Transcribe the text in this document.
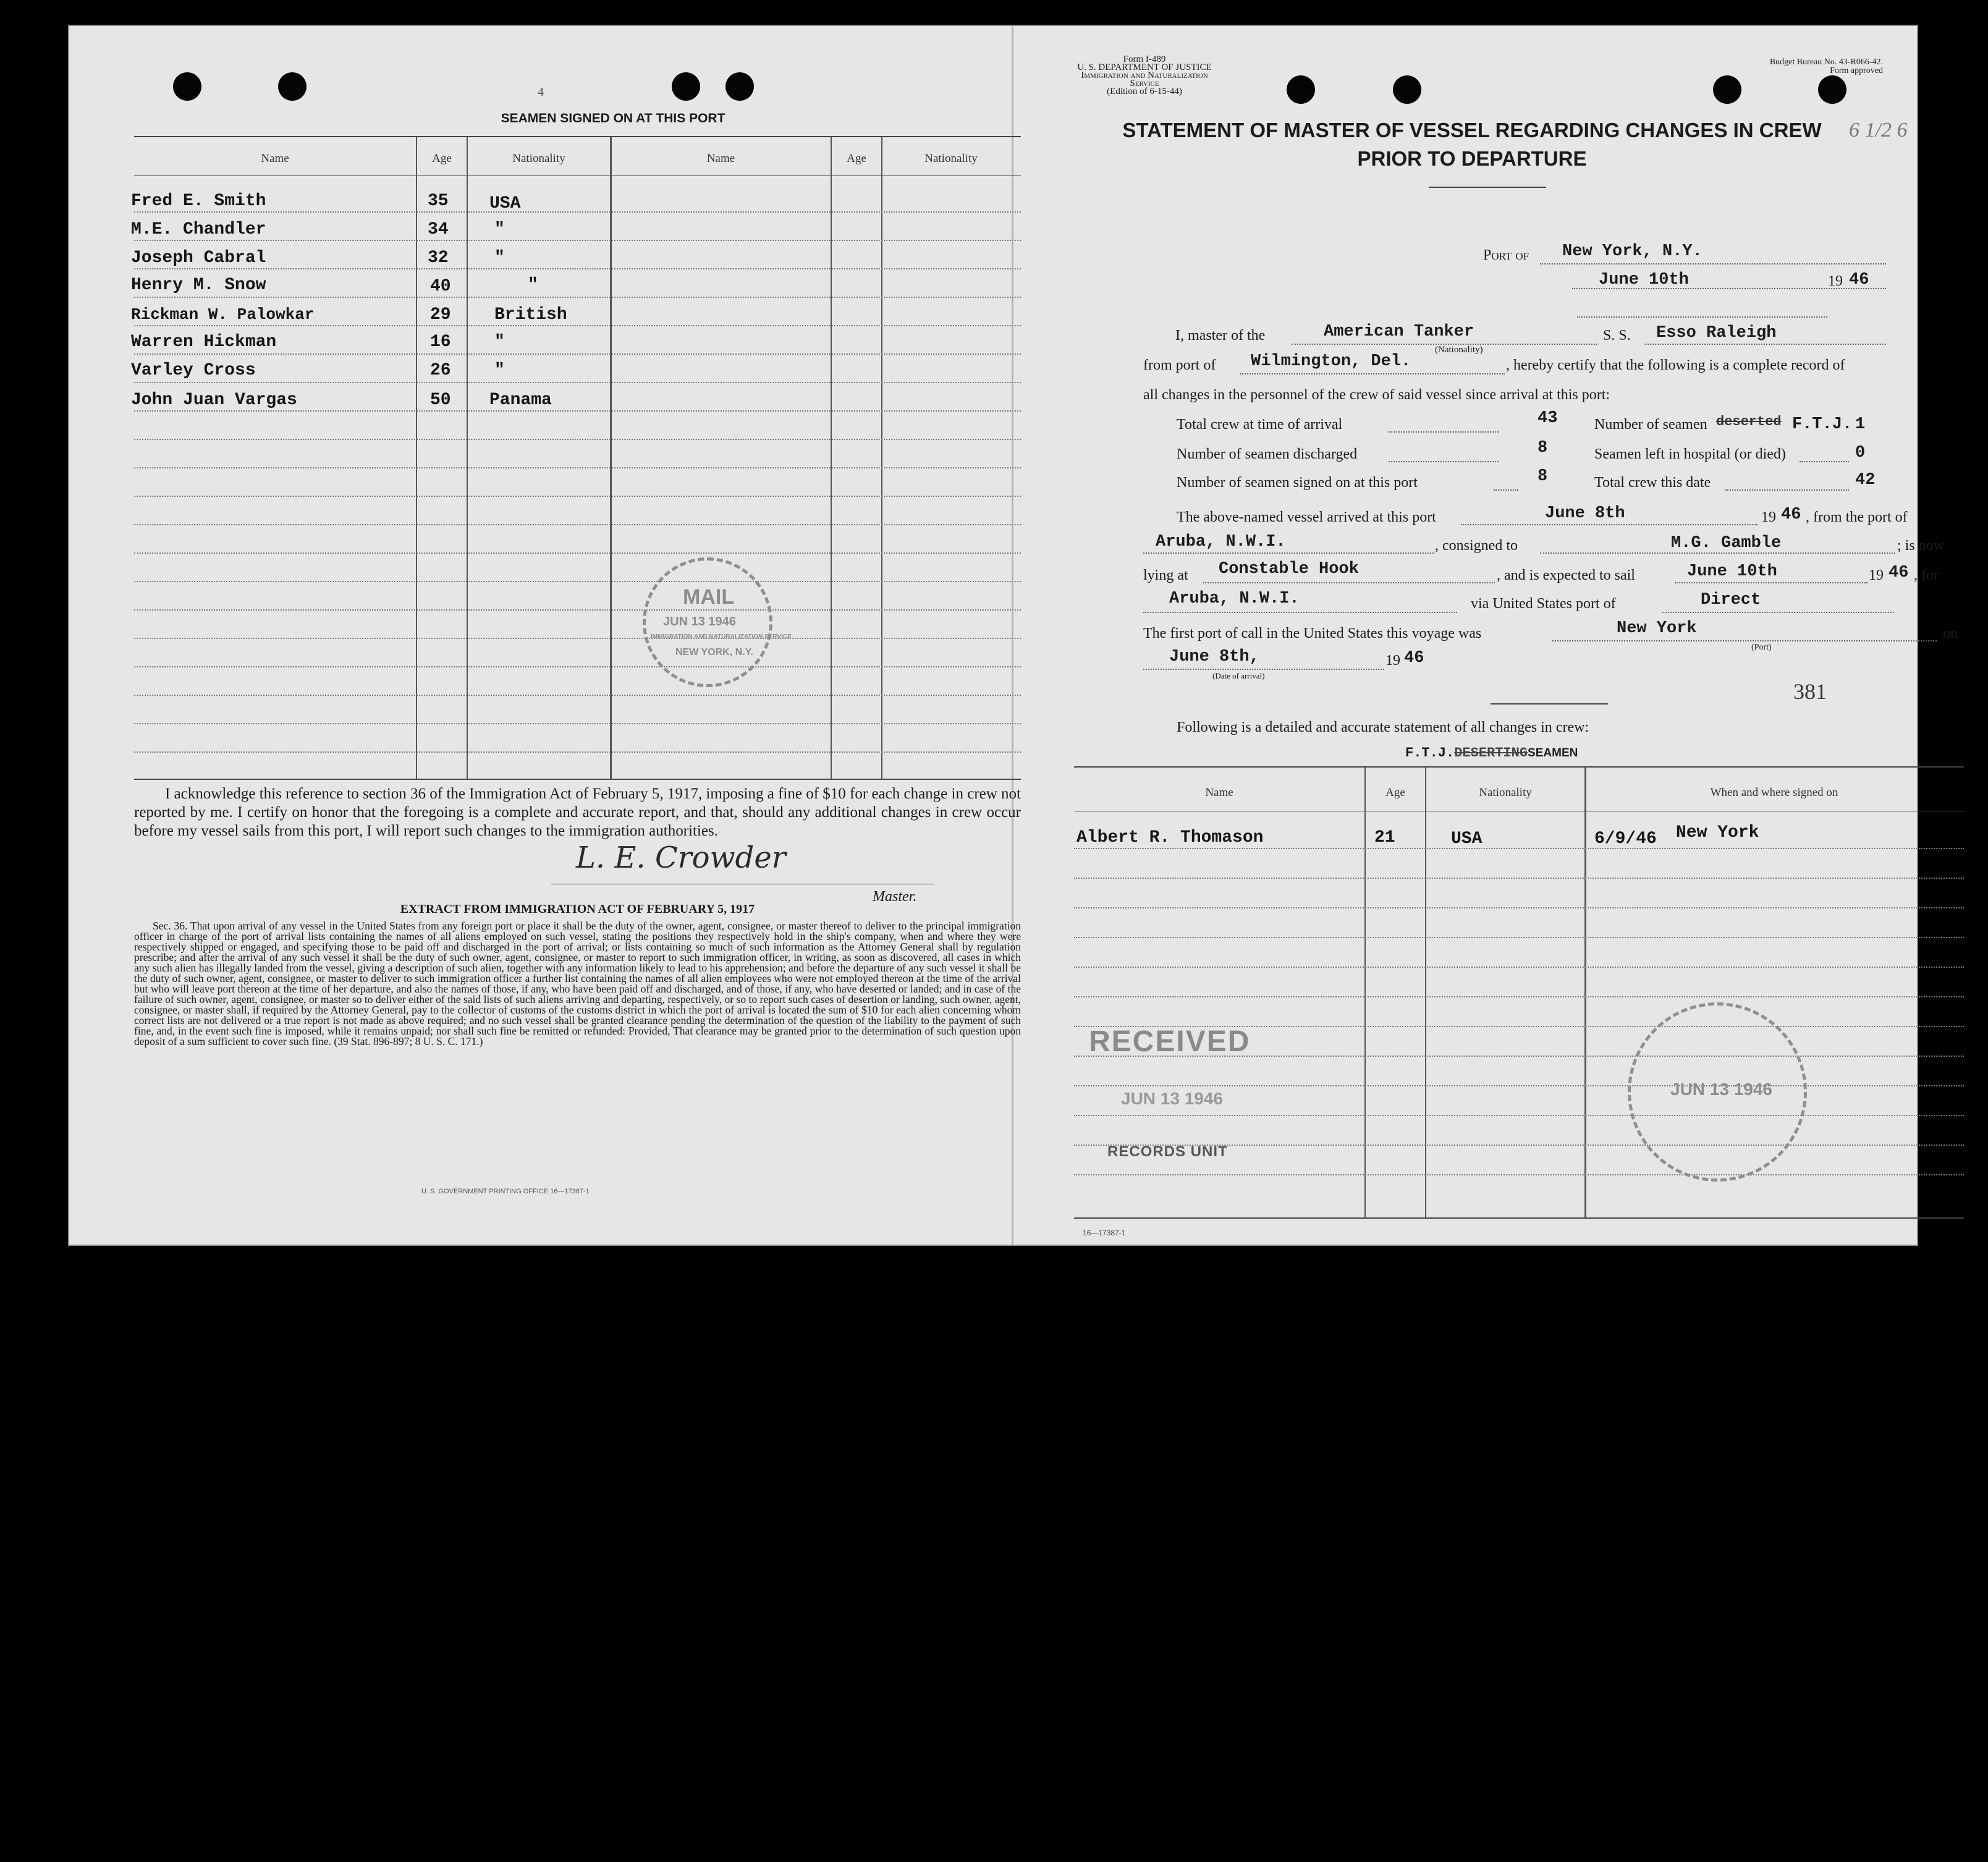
4
SEAMEN SIGNED ON AT THIS PORT
Name	Age	Nationality	Name	Age	Nationality
Fred E. Smith	35 USA
M.E. Chandler	34	"
Joseph Cabral	32	"
Henry M. Snow	40	"
Rickman W. Palowkar	29	British
Warren Hickman	16	"
Varley Cross	26	"
John Juan Vargas	50 Panama
MAIL
JUN 13 1946
IMMIGRATION AND NATURALIZATION SERVICE
NEW YORK, N.Y.
I acknowledge this reference to section 36 of the Immigration Act of February 5, 1917, imposing a fine of $10 for each change in crew not reported by me. I certify on honor that the foregoing is a complete and accurate report, and that, should any additional changes in crew occur before my vessel sails from this port, I will report such changes to the immigration authorities.
L. E. Crowder
Master.
EXTRACT FROM IMMIGRATION ACT OF FEBRUARY 5, 1917
Sec. 36. That upon arrival of any vessel in the United States from any foreign port or place it shall be the duty of the owner, agent, consignee, or master thereof to deliver to the principal immigration officer in charge of the port of arrival lists containing the names of all aliens employed on such vessel, stating the positions they respectively hold in the ship's company, when and where they were respectively shipped or engaged, and specifying those to be paid off and discharged in the port of arrival; or lists containing so much of such information as the Attorney General shall by regulation prescribe; and after the arrival of any such vessel it shall be the duty of such owner, agent, consignee, or master to report to such immigration officer, in writing, as soon as discovered, all cases in which any such alien has illegally landed from the vessel, giving a description of such alien, together with any information likely to lead to his apprehension; and before the departure of any such vessel it shall be the duty of such owner, agent, consignee, or master to deliver to such immigration officer a further list containing the names of all alien employees who were not employed thereon at the time of the arrival but who will leave port thereon at the time of her departure, and also the names of those, if any, who have been paid off and discharged, and of those, if any, who have deserted or landed; and in case of the failure of such owner, agent, consignee, or master so to deliver either of the said lists of such aliens arriving and departing, respectively, or so to report such cases of desertion or landing, such owner, agent, consignee, or master shall, if required by the Attorney General, pay to the collector of customs of the customs district in which the port of arrival is located the sum of $10 for each alien concerning whom correct lists are not delivered or a true report is not made as above required; and no such vessel shall be granted clearance pending the determination of the question of the liability to the payment of such fine, and, in the event such fine is imposed, while it remains unpaid; nor shall such fine be remitted or refunded: Provided, That clearance may be granted prior to the determination of such question upon deposit of a sum sufficient to cover such fine. (39 Stat. 896-897; 8 U. S. C. 171.)
U. S. GOVERNMENT PRINTING OFFICE 16—17387-1
Form I-489
U. S. DEPARTMENT OF JUSTICE
Immigration and Naturalization Service
(Edition of 6-15-44)
Budget Bureau No. 43-R066-42.
Form approved
6 1/2 6
STATEMENT OF MASTER OF VESSEL REGARDING CHANGES IN CREW
PRIOR TO DEPARTURE
Port of New York, N.Y.
June 10th	19 46
I, master of the	American Tanker
(Nationality)
S. S. Esso Raleigh
from port of Wilmington, Del.	, hereby certify that the following is a complete record of
all changes in the personnel of the crew of said vessel since arrival at this port:
Total crew at time of arrival	43
Number of seamen discharged	8
Number of seamen signed on at this port	8
Number of seamen deserted F.T.J. 1
Seamen left in hospital (or died)	0
Total crew this date	42
The above-named vessel arrived at this port	June 8th	19 46 , from the port of
Aruba, N.W.I.	, consigned to	M.G. Gamble	; is now
lying at Constable Hook	, and is expected to sail	June 10th	19 46 , for
Aruba, N.W.I.	via United States port of	Direct
The first port of call in the United States this voyage was	New York
(Port)
on
June 8th,
(Date of arrival)
19 46
381
Following is a detailed and accurate statement of all changes in crew:
F.T.J.DESERTINGSEAMEN
Name	Age	Nationality	When and where signed on
Albert R. Thomason	21	USA	6/9/46 New York
RECEIVED
JUN 13 1946
RECORDS UNIT
JUN 13 1946
16—17387-1
